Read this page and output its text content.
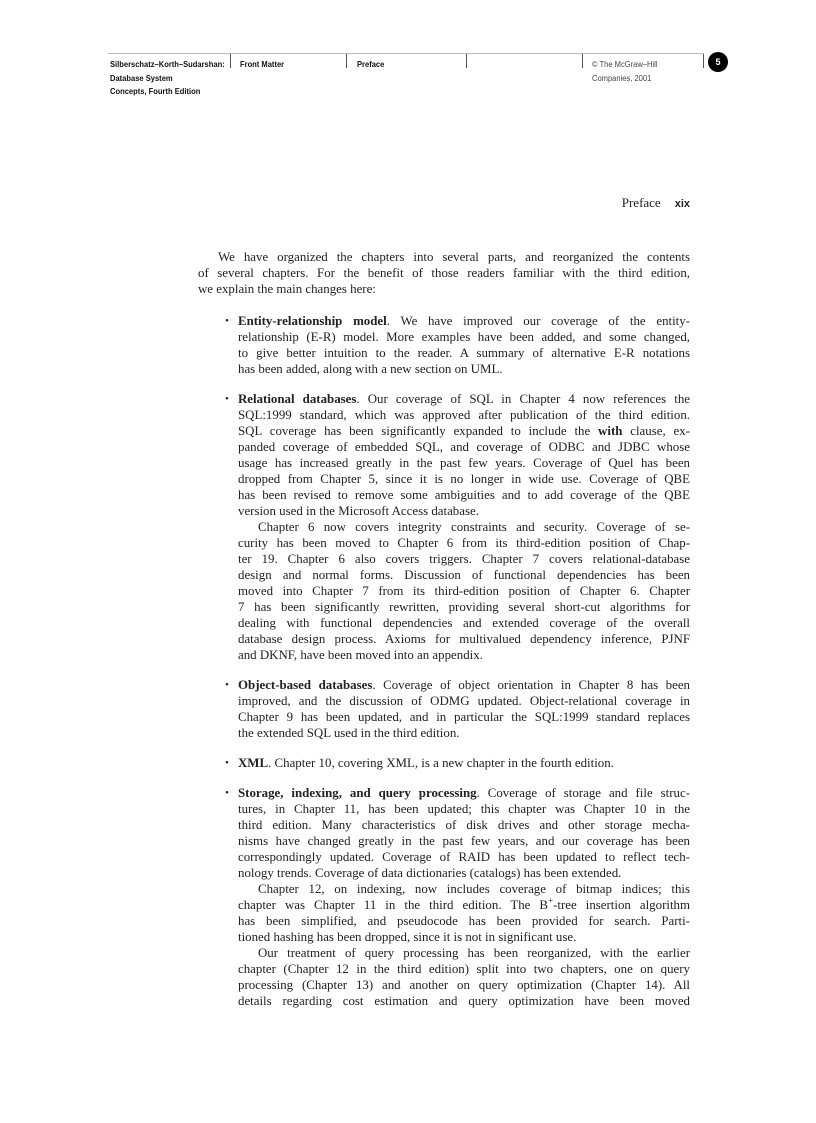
Silberschatz–Korth–Sudarshan:
Database System
Concepts, Fourth Edition
Front Matter	Preface	© The McGraw–Hill
Companies, 2001
5
Preface xix
We have organized the chapters into several parts, and reorganized the contents
of several chapters. For the benefit of those readers familiar with the third edition,
we explain the main changes here:
• Entity-relationship model. We have improved our coverage of the entity-
relationship (E-R) model. More examples have been added, and some changed,
to give better intuition to the reader. A summary of alternative E-R notations
has been added, along with a new section on UML.
• Relational databases. Our coverage of SQL in Chapter 4 now references the
SQL:1999 standard, which was approved after publication of the third edition.
SQL coverage has been significantly expanded to include the with clause, ex-
panded coverage of embedded SQL, and coverage of ODBC and JDBC whose
usage has increased greatly in the past few years. Coverage of Quel has been
dropped from Chapter 5, since it is no longer in wide use. Coverage of QBE
has been revised to remove some ambiguities and to add coverage of the QBE
version used in the Microsoft Access database.
Chapter 6 now covers integrity constraints and security. Coverage of se-
curity has been moved to Chapter 6 from its third-edition position of Chap-
ter 19. Chapter 6 also covers triggers. Chapter 7 covers relational-database
design and normal forms. Discussion of functional dependencies has been
moved into Chapter 7 from its third-edition position of Chapter 6. Chapter
7 has been significantly rewritten, providing several short-cut algorithms for
dealing with functional dependencies and extended coverage of the overall
database design process. Axioms for multivalued dependency inference, PJNF
and DKNF, have been moved into an appendix.
• Object-based databases. Coverage of object orientation in Chapter 8 has been
improved, and the discussion of ODMG updated. Object-relational coverage in
Chapter 9 has been updated, and in particular the SQL:1999 standard replaces
the extended SQL used in the third edition.
• XML. Chapter 10, covering XML, is a new chapter in the fourth edition.
• Storage, indexing, and query processing. Coverage of storage and file struc-
tures, in Chapter 11, has been updated; this chapter was Chapter 10 in the
third edition. Many characteristics of disk drives and other storage mecha-
nisms have changed greatly in the past few years, and our coverage has been
correspondingly updated. Coverage of RAID has been updated to reflect tech-
nology trends. Coverage of data dictionaries (catalogs) has been extended.
Chapter 12, on indexing, now includes coverage of bitmap indices; this
chapter was Chapter 11 in the third edition. The B+-tree insertion algorithm
has been simplified, and pseudocode has been provided for search. Parti-
tioned hashing has been dropped, since it is not in significant use.
Our treatment of query processing has been reorganized, with the earlier
chapter (Chapter 12 in the third edition) split into two chapters, one on query
processing (Chapter 13) and another on query optimization (Chapter 14). All
details regarding cost estimation and query optimization have been moved
